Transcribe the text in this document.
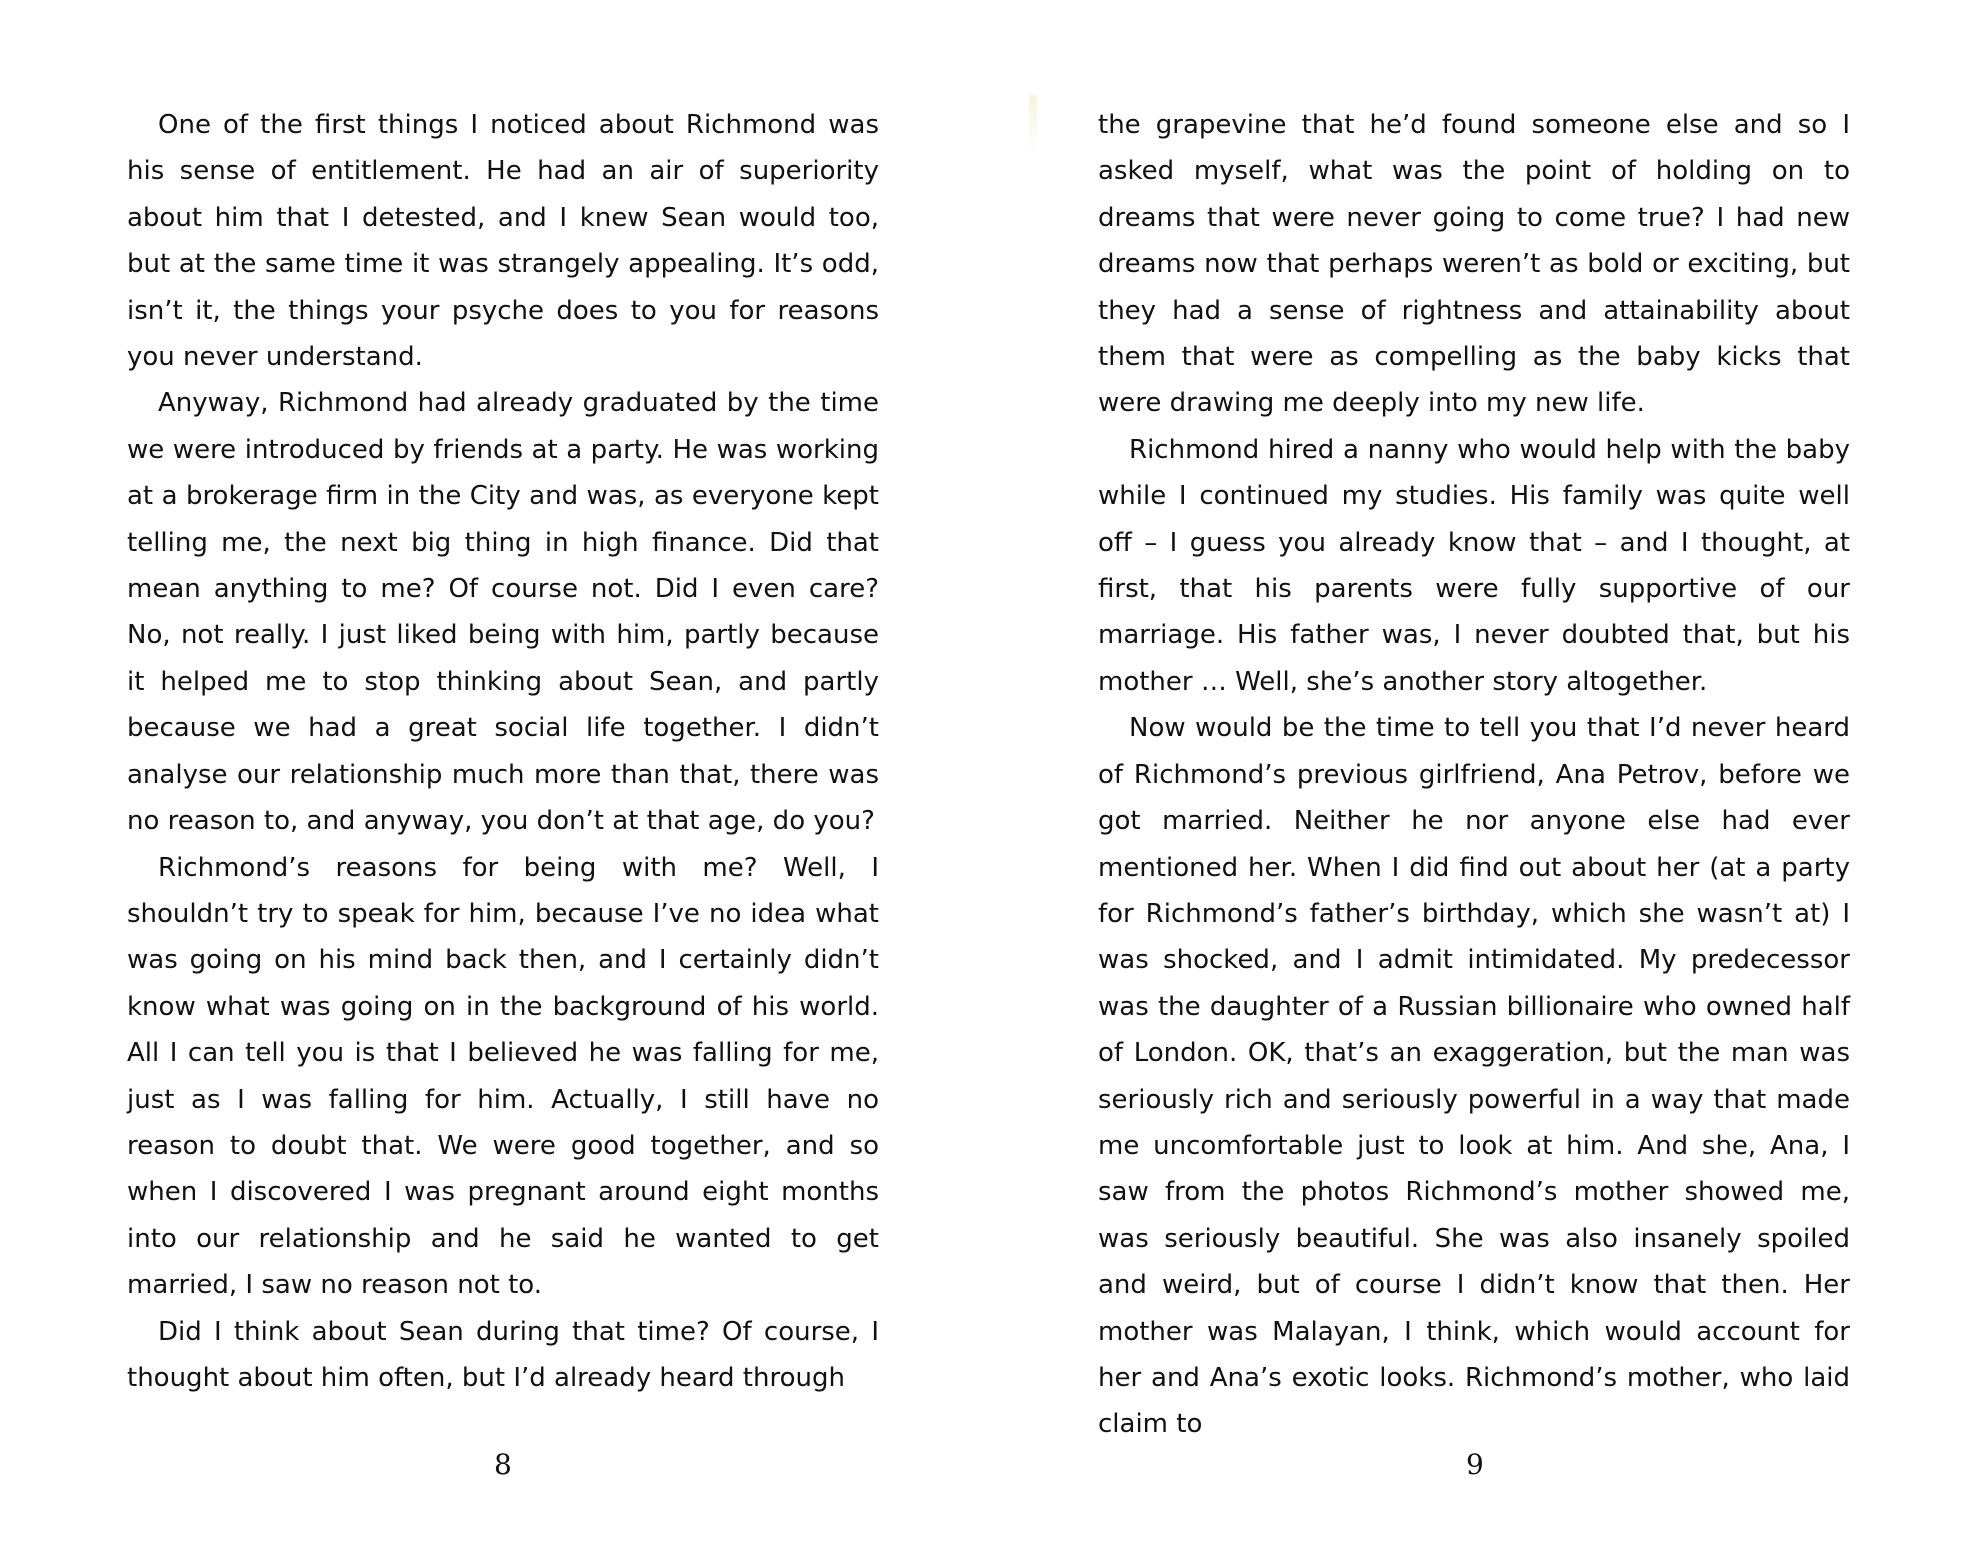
One of the first things I noticed about Richmond was his sense of entitlement. He had an air of superiority about him that I detested, and I knew Sean would too, but at the same time it was strangely appealing. It’s odd, isn’t it, the things your psyche does to you for reasons you never understand.

Anyway, Richmond had already graduated by the time we were introduced by friends at a party. He was working at a brokerage firm in the City and was, as everyone kept telling me, the next big thing in high finance. Did that mean anything to me? Of course not. Did I even care? No, not really. I just liked being with him, partly because it helped me to stop thinking about Sean, and partly because we had a great social life together. I didn’t analyse our relationship much more than that, there was no reason to, and anyway, you don’t at that age, do you?

Richmond’s reasons for being with me? Well, I shouldn’t try to speak for him, because I’ve no idea what was going on his mind back then, and I certainly didn’t know what was going on in the background of his world. All I can tell you is that I believed he was falling for me, just as I was falling for him. Actually, I still have no reason to doubt that. We were good together, and so when I discovered I was pregnant around eight months into our relationship and he said he wanted to get married, I saw no reason not to.

Did I think about Sean during that time? Of course, I thought about him often, but I’d already heard through

8

the grapevine that he’d found someone else and so I asked myself, what was the point of holding on to dreams that were never going to come true? I had new dreams now that perhaps weren’t as bold or exciting, but they had a sense of rightness and attainability about them that were as compelling as the baby kicks that were drawing me deeply into my new life.

Richmond hired a nanny who would help with the baby while I continued my studies. His family was quite well off – I guess you already know that – and I thought, at first, that his parents were fully supportive of our marriage. His father was, I never doubted that, but his mother … Well, she’s another story altogether.

Now would be the time to tell you that I’d never heard of Richmond’s previous girlfriend, Ana Petrov, before we got married. Neither he nor anyone else had ever mentioned her. When I did find out about her (at a party for Richmond’s father’s birthday, which she wasn’t at) I was shocked, and I admit intimidated. My predecessor was the daughter of a Russian billionaire who owned half of London. OK, that’s an exaggeration, but the man was seriously rich and seriously powerful in a way that made me uncomfortable just to look at him. And she, Ana, I saw from the photos Richmond’s mother showed me, was seriously beautiful. She was also insanely spoiled and weird, but of course I didn’t know that then. Her mother was Malayan, I think, which would account for her and Ana’s exotic looks. Richmond’s mother, who laid claim to

9
